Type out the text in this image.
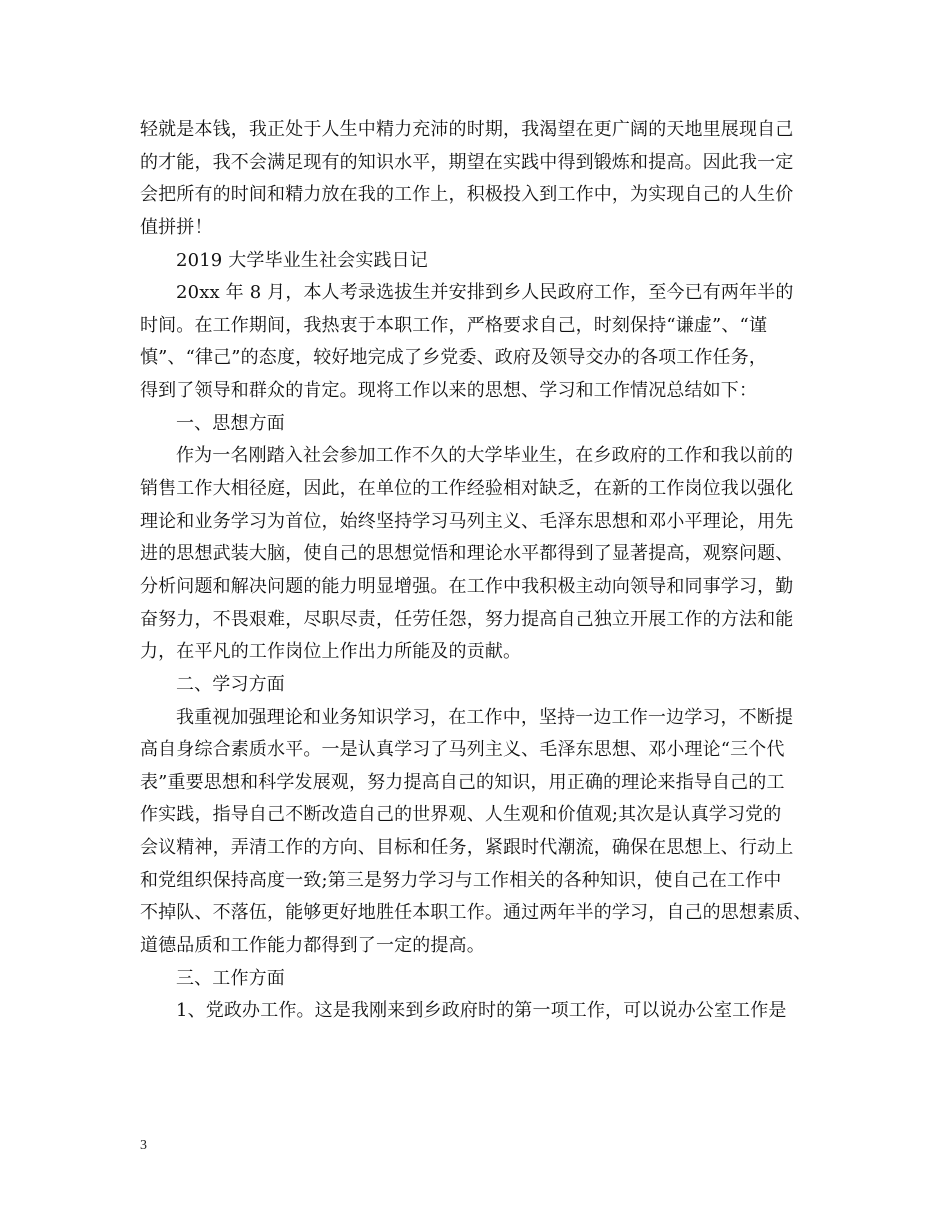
轻就是本钱，我正处于人生中精力充沛的时期，我渴望在更广阔的天地里展现自己
的才能，我不会满足现有的知识水平，期望在实践中得到锻炼和提高。因此我一定
会把所有的时间和精力放在我的工作上，积极投入到工作中，为实现自己的人生价
值拼拼！
2019 大学毕业生社会实践日记
20xx 年 8 月，本人考录选拔生并安排到乡人民政府工作，至今已有两年半的
时间。在工作期间，我热衷于本职工作，严格要求自己，时刻保持“谦虚”、“谨
慎”、“律己”的态度，较好地完成了乡党委、政府及领导交办的各项工作任务，
得到了领导和群众的肯定。现将工作以来的思想、学习和工作情况总结如下：
一、思想方面
作为一名刚踏入社会参加工作不久的大学毕业生，在乡政府的工作和我以前的
销售工作大相径庭，因此，在单位的工作经验相对缺乏，在新的工作岗位我以强化
理论和业务学习为首位，始终坚持学习马列主义、毛泽东思想和邓小平理论，用先
进的思想武装大脑，使自己的思想觉悟和理论水平都得到了显著提高，观察问题、
分析问题和解决问题的能力明显增强。在工作中我积极主动向领导和同事学习，勤
奋努力，不畏艰难，尽职尽责，任劳任怨，努力提高自己独立开展工作的方法和能
力，在平凡的工作岗位上作出力所能及的贡献。
二、学习方面
我重视加强理论和业务知识学习，在工作中，坚持一边工作一边学习，不断提
高自身综合素质水平。一是认真学习了马列主义、毛泽东思想、邓小理论“三个代
表”重要思想和科学发展观，努力提高自己的知识，用正确的理论来指导自己的工
作实践，指导自己不断改造自己的世界观、人生观和价值观;其次是认真学习党的
会议精神，弄清工作的方向、目标和任务，紧跟时代潮流，确保在思想上、行动上
和党组织保持高度一致;第三是努力学习与工作相关的各种知识，使自己在工作中
不掉队、不落伍，能够更好地胜任本职工作。通过两年半的学习，自己的思想素质、
道德品质和工作能力都得到了一定的提高。
三、工作方面
1、党政办工作。这是我刚来到乡政府时的第一项工作，可以说办公室工作是
3
